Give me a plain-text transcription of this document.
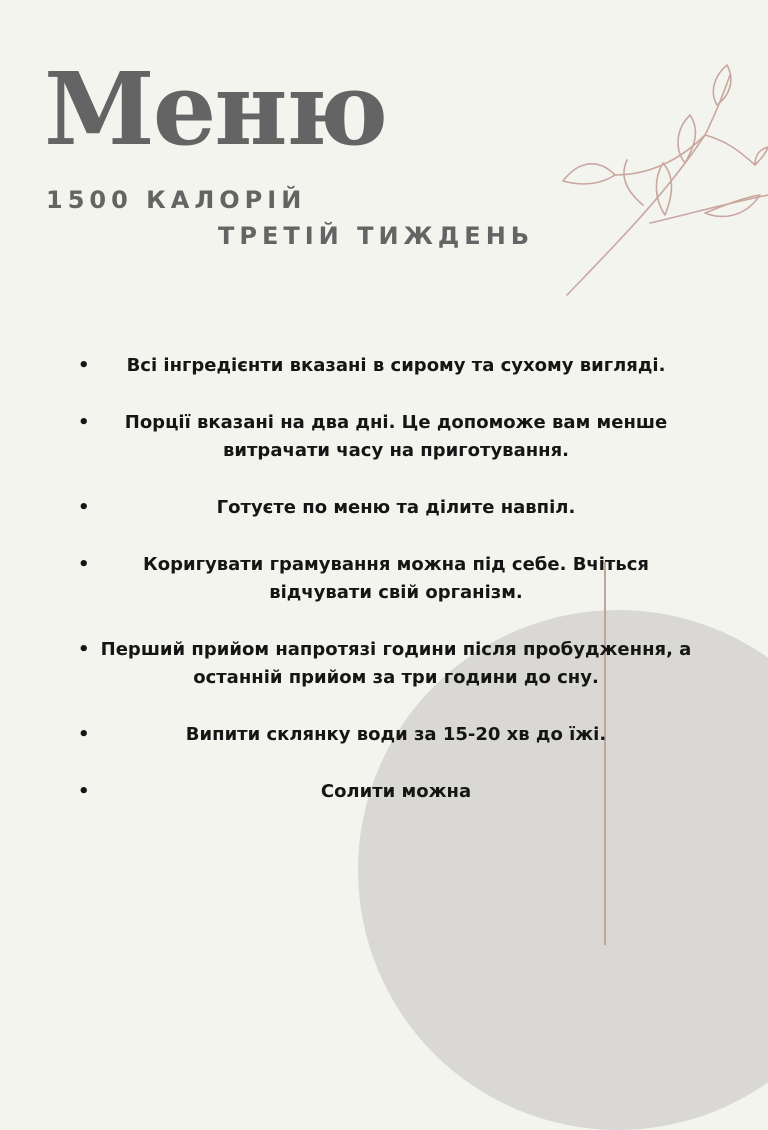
Меню
1500 КАЛОРІЙ
ТРЕТІЙ ТИЖДЕНЬ
• Всі інгредієнти вказані в сирому та сухому вигляді.
• Порції вказані на два дні. Це допоможе вам менше витрачати часу на приготування.
•	Готуєте по меню та ділите навпіл.
•	Коригувати грамування можна під себе. Вчіться відчувати свій організм.
• Перший прийом напротязі години після пробудження, а останній прийом за три години до сну.
•	Випити склянку води за 15-20 хв до їжі.
•	Солити можна
